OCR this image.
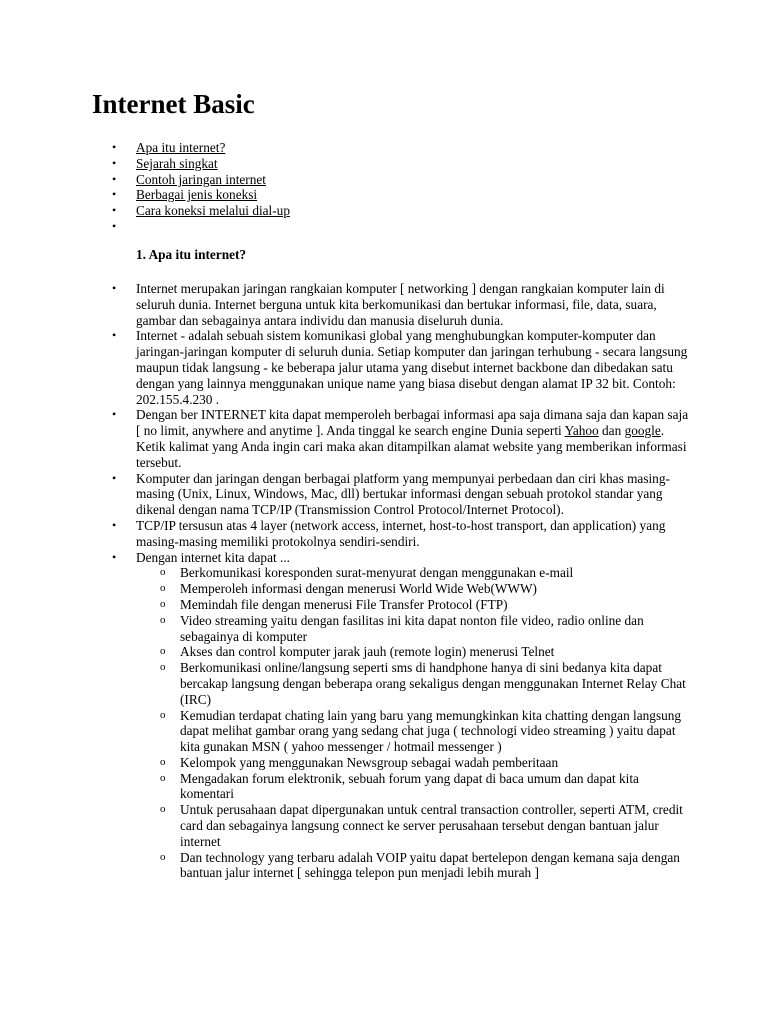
Internet Basic
• Apa itu internet?
• Sejarah singkat
• Contoh jaringan internet
• Berbagai jenis koneksi
• Cara koneksi melalui dial-up
1. Apa itu internet?
• Internet merupakan jaringan rangkaian komputer [ networking ] dengan rangkaian komputer lain di seluruh dunia. Internet berguna untuk kita berkomunikasi dan bertukar informasi, file, data, suara, gambar dan sebagainya antara individu dan manusia diseluruh dunia.
• Internet - adalah sebuah sistem komunikasi global yang menghubungkan komputer-komputer dan jaringan-jaringan komputer di seluruh dunia. Setiap komputer dan jaringan terhubung - secara langsung maupun tidak langsung - ke beberapa jalur utama yang disebut internet backbone dan dibedakan satu dengan yang lainnya menggunakan unique name yang biasa disebut dengan alamat IP 32 bit. Contoh: 202.155.4.230 .
• Dengan ber INTERNET kita dapat memperoleh berbagai informasi apa saja dimana saja dan kapan saja [ no limit, anywhere and anytime ]. Anda tinggal ke search engine Dunia seperti Yahoo dan google. Ketik kalimat yang Anda ingin cari maka akan ditampilkan alamat website yang memberikan informasi tersebut.
• Komputer dan jaringan dengan berbagai platform yang mempunyai perbedaan dan ciri khas masing-masing (Unix, Linux, Windows, Mac, dll) bertukar informasi dengan sebuah protokol standar yang dikenal dengan nama TCP/IP (Transmission Control Protocol/Internet Protocol).
• TCP/IP tersusun atas 4 layer (network access, internet, host-to-host transport, dan application) yang masing-masing memiliki protokolnya sendiri-sendiri.
• Dengan internet kita dapat ...
o Berkomunikasi koresponden surat-menyurat dengan menggunakan e-mail
o Memperoleh informasi dengan menerusi World Wide Web(WWW)
o Memindah file dengan menerusi File Transfer Protocol (FTP)
o Video streaming yaitu dengan fasilitas ini kita dapat nonton file video, radio online dan sebagainya di komputer
o Akses dan control komputer jarak jauh (remote login) menerusi Telnet
o Berkomunikasi online/langsung seperti sms di handphone hanya di sini bedanya kita dapat bercakap langsung dengan beberapa orang sekaligus dengan menggunakan Internet Relay Chat (IRC)
o Kemudian terdapat chating lain yang baru yang memungkinkan kita chatting dengan langsung dapat melihat gambar orang yang sedang chat juga ( technologi video streaming ) yaitu dapat kita gunakan MSN ( yahoo messenger / hotmail messenger )
o Kelompok yang menggunakan Newsgroup sebagai wadah pemberitaan
o Mengadakan forum elektronik, sebuah forum yang dapat di baca umum dan dapat kita komentari
o Untuk perusahaan dapat dipergunakan untuk central transaction controller, seperti ATM, credit card dan sebagainya langsung connect ke server perusahaan tersebut dengan bantuan jalur internet
o Dan technology yang terbaru adalah VOIP yaitu dapat bertelepon dengan kemana saja dengan bantuan jalur internet [ sehingga telepon pun menjadi lebih murah ]
